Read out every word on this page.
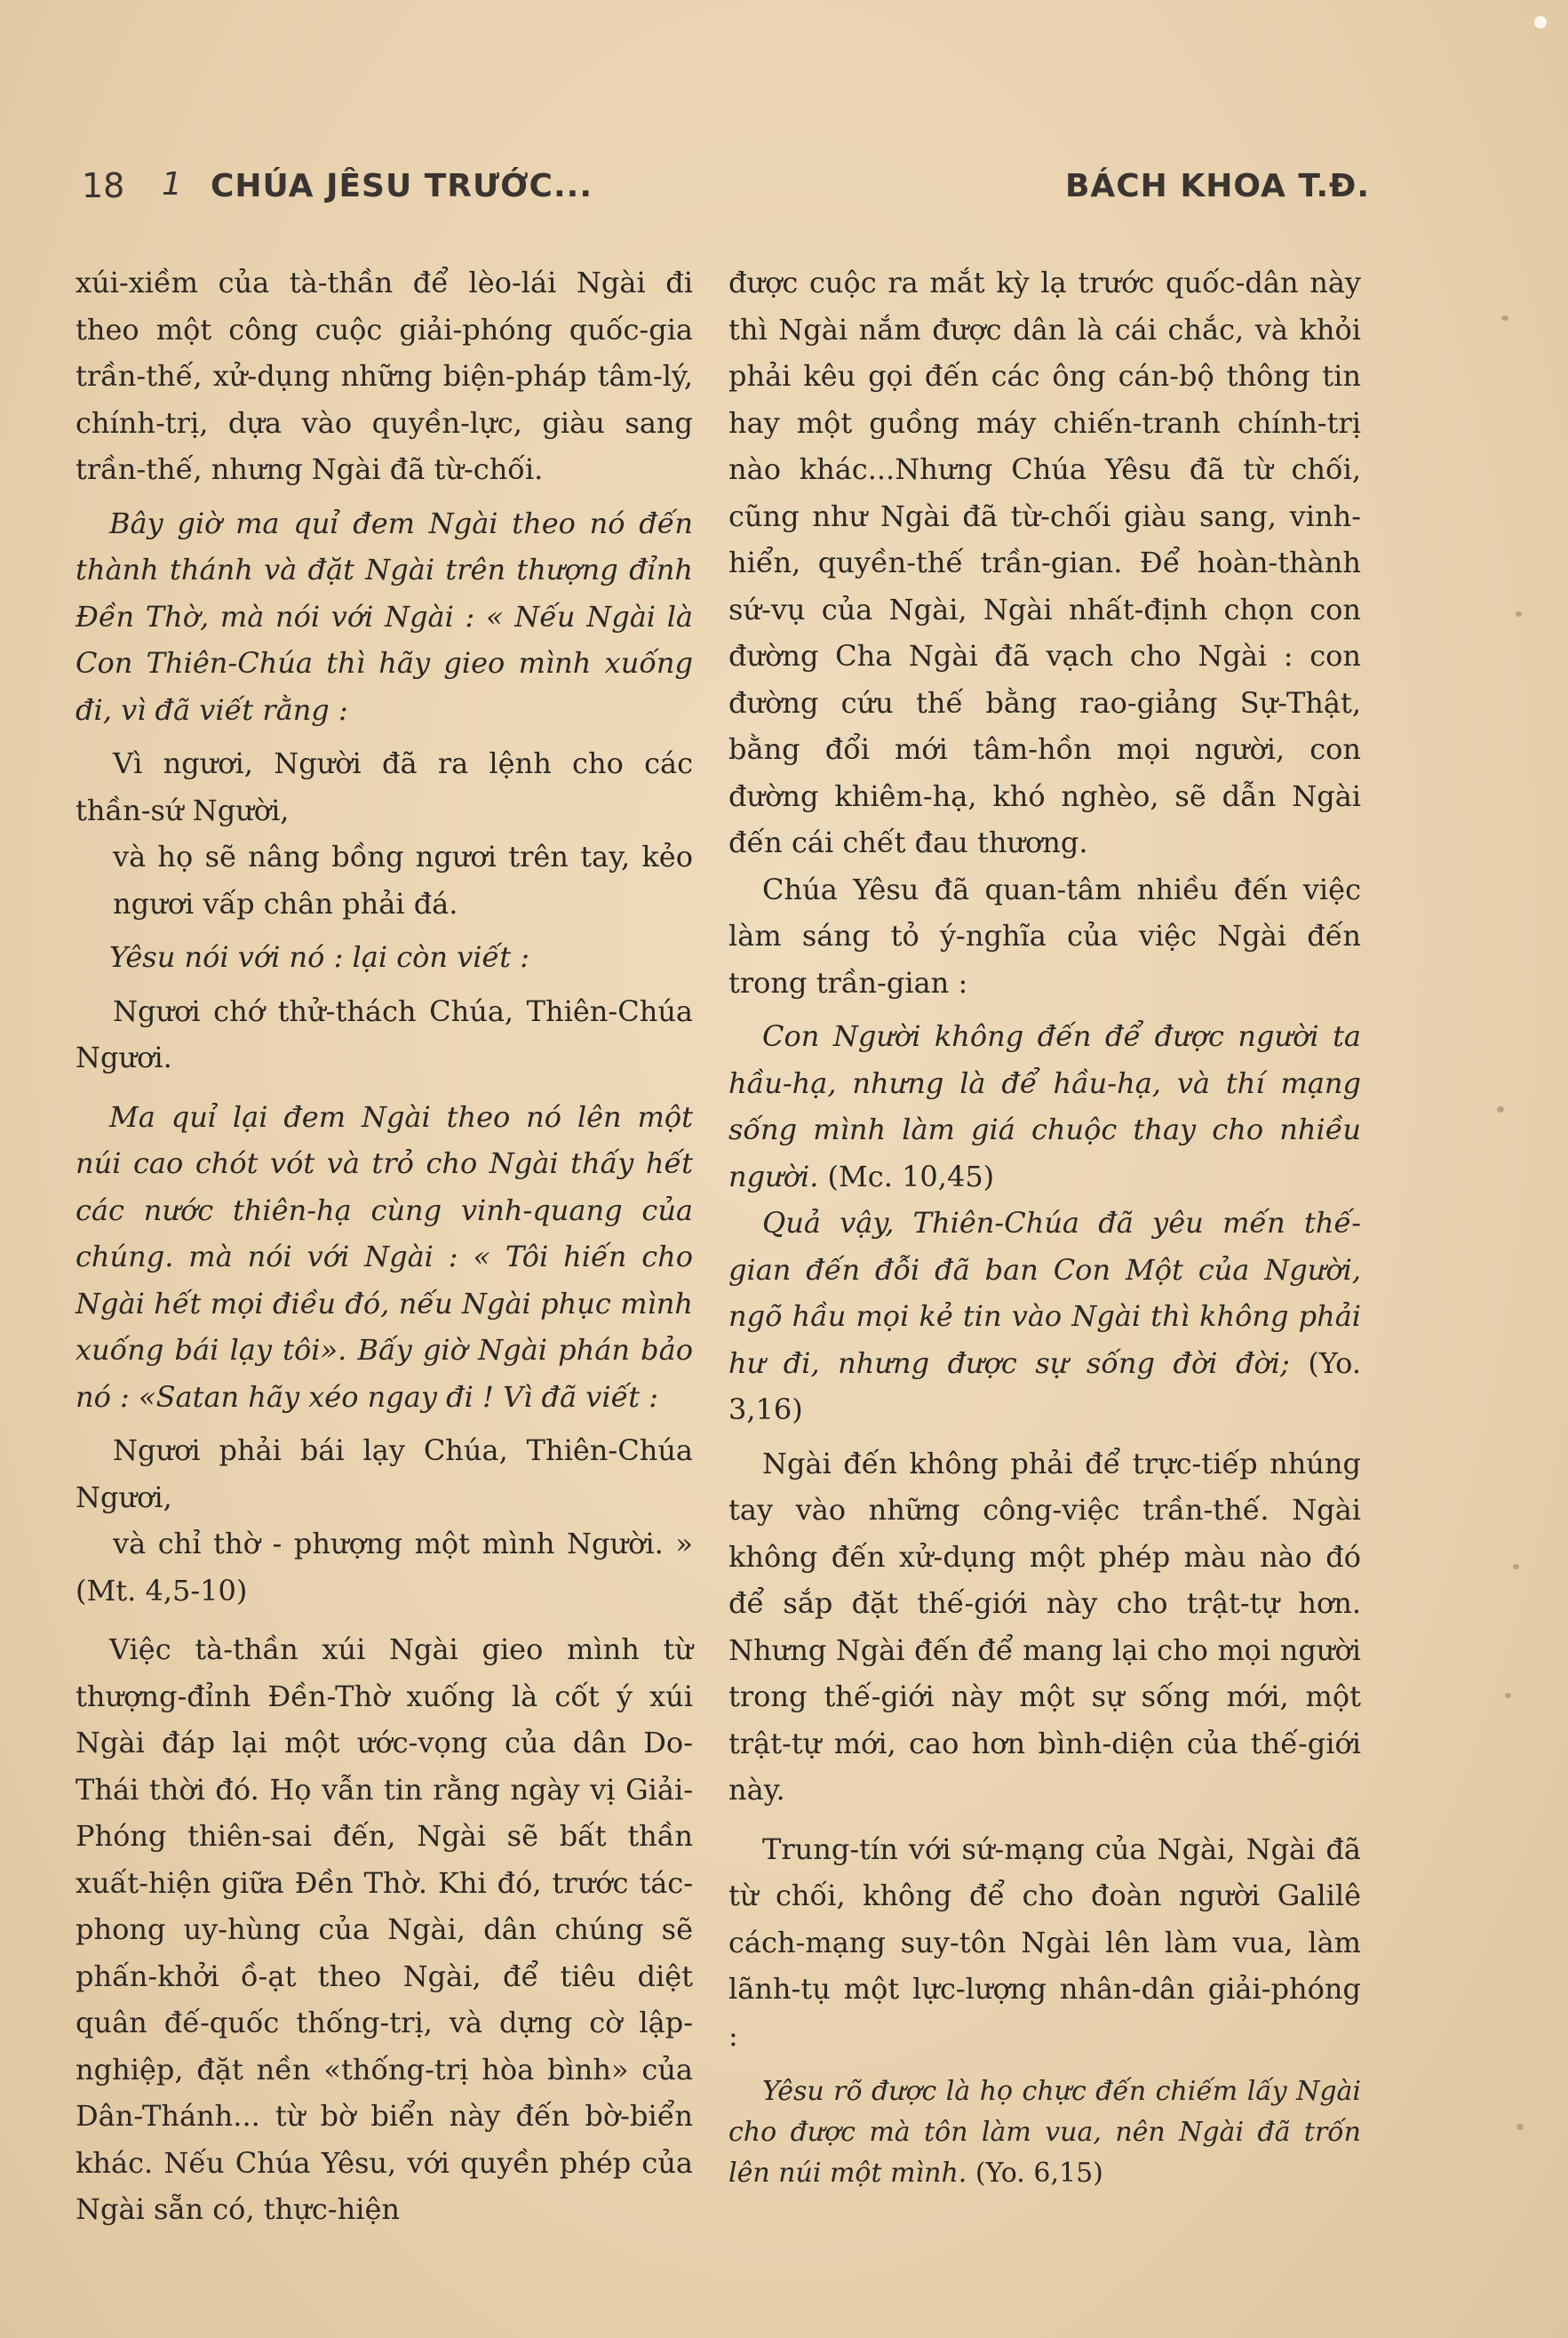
18 1 CHÚA JÊSU TRƯỚC...	BÁCH KHOA T.Đ.

xúi-xiềm của tà-thần để lèo-lái Ngài đi theo một công cuộc giải-phóng quốc-gia trần-thế, xử-dụng những biện-pháp tâm-lý, chính-trị, dựa vào quyền-lực, giàu sang trần-thế, nhưng Ngài đã từ-chối.

Bây giờ ma quỉ đem Ngài theo nó đến thành thánh và đặt Ngài trên thượng đỉnh Đền Thờ, mà nói với Ngài : « Nếu Ngài là Con Thiên-Chúa thì hãy gieo mình xuống đi, vì đã viết rằng :

Vì ngươi, Người đã ra lệnh cho các thần-sứ Người,

và họ sẽ nâng bồng ngươi trên tay, kẻo ngươi vấp chân phải đá.

Yêsu nói với nó : lại còn viết :

Ngươi chớ thử-thách Chúa, Thiên-Chúa Ngươi.

Ma quỉ lại đem Ngài theo nó lên một núi cao chót vót và trỏ cho Ngài thấy hết các nước thiên-hạ cùng vinh-quang của chúng. mà nói với Ngài : « Tôi hiến cho Ngài hết mọi điều đó, nếu Ngài phục mình xuống bái lạy tôi». Bấy giờ Ngài phán bảo nó : «Satan hãy xéo ngay đi ! Vì đã viết :

Ngươi phải bái lạy Chúa, Thiên-Chúa Ngươi,

và chỉ thờ - phượng một mình Người. » (Mt. 4,5-10)

Việc tà-thần xúi Ngài gieo mình từ thượng-đỉnh Đền-Thờ xuống là cốt ý xúi Ngài đáp lại một ước-vọng của dân Do-Thái thời đó. Họ vẫn tin rằng ngày vị Giải-Phóng thiên-sai đến, Ngài sẽ bất thần xuất-hiện giữa Đền Thờ. Khi đó, trước tác-phong uy-hùng của Ngài, dân chúng sẽ phấn-khởi ồ-ạt theo Ngài, để tiêu diệt quân đế-quốc thống-trị, và dựng cờ lập-nghiệp, đặt nền «thống-trị hòa bình» của Dân-Thánh... từ bờ biển này đến bờ-biển khác. Nếu Chúa Yêsu, với quyền phép của Ngài sẵn có, thực-hiện

được cuộc ra mắt kỳ lạ trước quốc-dân này thì Ngài nắm được dân là cái chắc, và khỏi phải kêu gọi đến các ông cán-bộ thông tin hay một guồng máy chiến-tranh chính-trị nào khác...Nhưng Chúa Yêsu đã từ chối, cũng như Ngài đã từ-chối giàu sang, vinh-hiển, quyền-thế trần-gian. Để hoàn-thành sứ-vụ của Ngài, Ngài nhất-định chọn con đường Cha Ngài đã vạch cho Ngài : con đường cứu thế bằng rao-giảng Sự-Thật, bằng đổi mới tâm-hồn mọi người, con đường khiêm-hạ, khó nghèo, sẽ dẫn Ngài đến cái chết đau thương.

Chúa Yêsu đã quan-tâm nhiều đến việc làm sáng tỏ ý-nghĩa của việc Ngài đến trong trần-gian :

Con Người không đến để được người ta hầu-hạ, nhưng là để hầu-hạ, và thí mạng sống mình làm giá chuộc thay cho nhiều người. (Mc. 10,45)

Quả vậy, Thiên-Chúa đã yêu mến thế-gian đến đỗi đã ban Con Một của Người, ngõ hầu mọi kẻ tin vào Ngài thì không phải hư đi, nhưng được sự sống đời đời; (Yo. 3,16)

Ngài đến không phải để trực-tiếp nhúng tay vào những công-việc trần-thế. Ngài không đến xử-dụng một phép màu nào đó để sắp đặt thế-giới này cho trật-tự hơn. Nhưng Ngài đến để mang lại cho mọi người trong thế-giới này một sự sống mới, một trật-tự mới, cao hơn bình-diện của thế-giới này.

Trung-tín với sứ-mạng của Ngài, Ngài đã từ chối, không để cho đoàn người Galilê cách-mạng suy-tôn Ngài lên làm vua, làm lãnh-tụ một lực-lượng nhân-dân giải-phóng :

Yêsu rõ được là họ chực đến chiếm lấy Ngài cho được mà tôn làm vua, nên Ngài đã trốn lên núi một mình. (Yo. 6,15)
